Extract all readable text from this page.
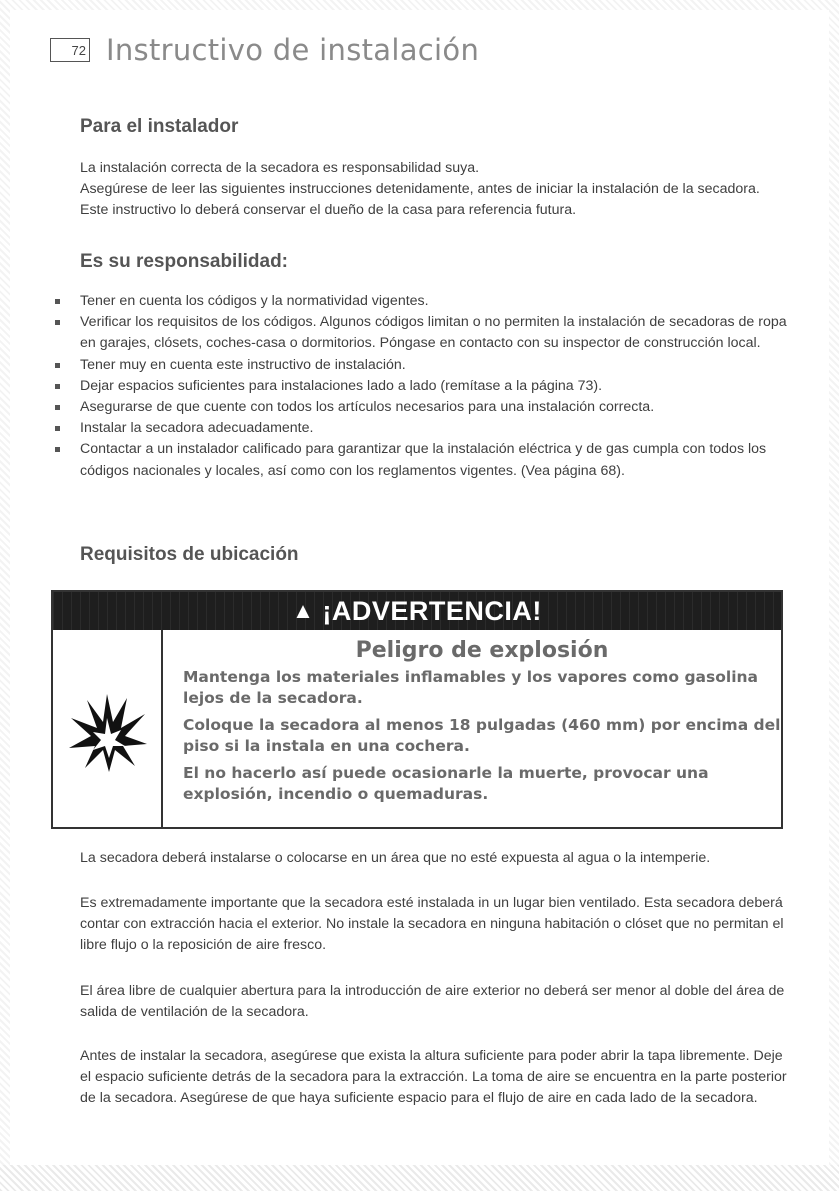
72 Instructivo de instalación
Para el instalador

La instalación correcta de la secadora es responsabilidad suya.

Asegúrese de leer las siguientes instrucciones detenidamente, antes de iniciar la instalación de la secadora. Este instructivo lo deberá conservar el dueño de la casa para referencia futura.

Es su responsabilidad:
Tener en cuenta los códigos y la normatividad vigentes.
Verificar los requisitos de los códigos. Algunos códigos limitan o no permiten la instalación de secadoras de ropa en garajes, clósets, coches-casa o dormitorios. Póngase en contacto con su inspector de construcción local.
Tener muy en cuenta este instructivo de instalación.
Dejar espacios suficientes para instalaciones lado a lado (remítase a la página 73).
Asegurarse de que cuente con todos los artículos necesarios para una instalación correcta.
Instalar la secadora adecuadamente.
Contactar a un instalador calificado para garantizar que la instalación eléctrica y de gas cumpla con todos los códigos nacionales y locales, así como con los reglamentos vigentes. (Vea página 68).
Requisitos de ubicación
▲ ¡ADVERTENCIA!

Peligro de explosión

Mantenga los materiales inflamables y los vapores como gasolina lejos de la secadora.

Coloque la secadora al menos 18 pulgadas (460 mm) por encima del piso si la instala en una cochera.

El no hacerlo así puede ocasionarle la muerte, provocar una explosión, incendio o quemaduras.

La secadora deberá instalarse o colocarse en un área que no esté expuesta al agua o la intemperie.

Es extremadamente importante que la secadora esté instalada in un lugar bien ventilado. Esta secadora deberá contar con extracción hacia el exterior. No instale la secadora en ninguna habitación o clóset que no permitan el libre flujo o la reposición de aire fresco.

El área libre de cualquier abertura para la introducción de aire exterior no deberá ser menor al doble del área de salida de ventilación de la secadora.

Antes de instalar la secadora, asegúrese que exista la altura suficiente para poder abrir la tapa libremente. Deje el espacio suficiente detrás de la secadora para la extracción. La toma de aire se encuentra en la parte posterior de la secadora. Asegúrese de que haya suficiente espacio para el flujo de aire en cada lado de la secadora.
